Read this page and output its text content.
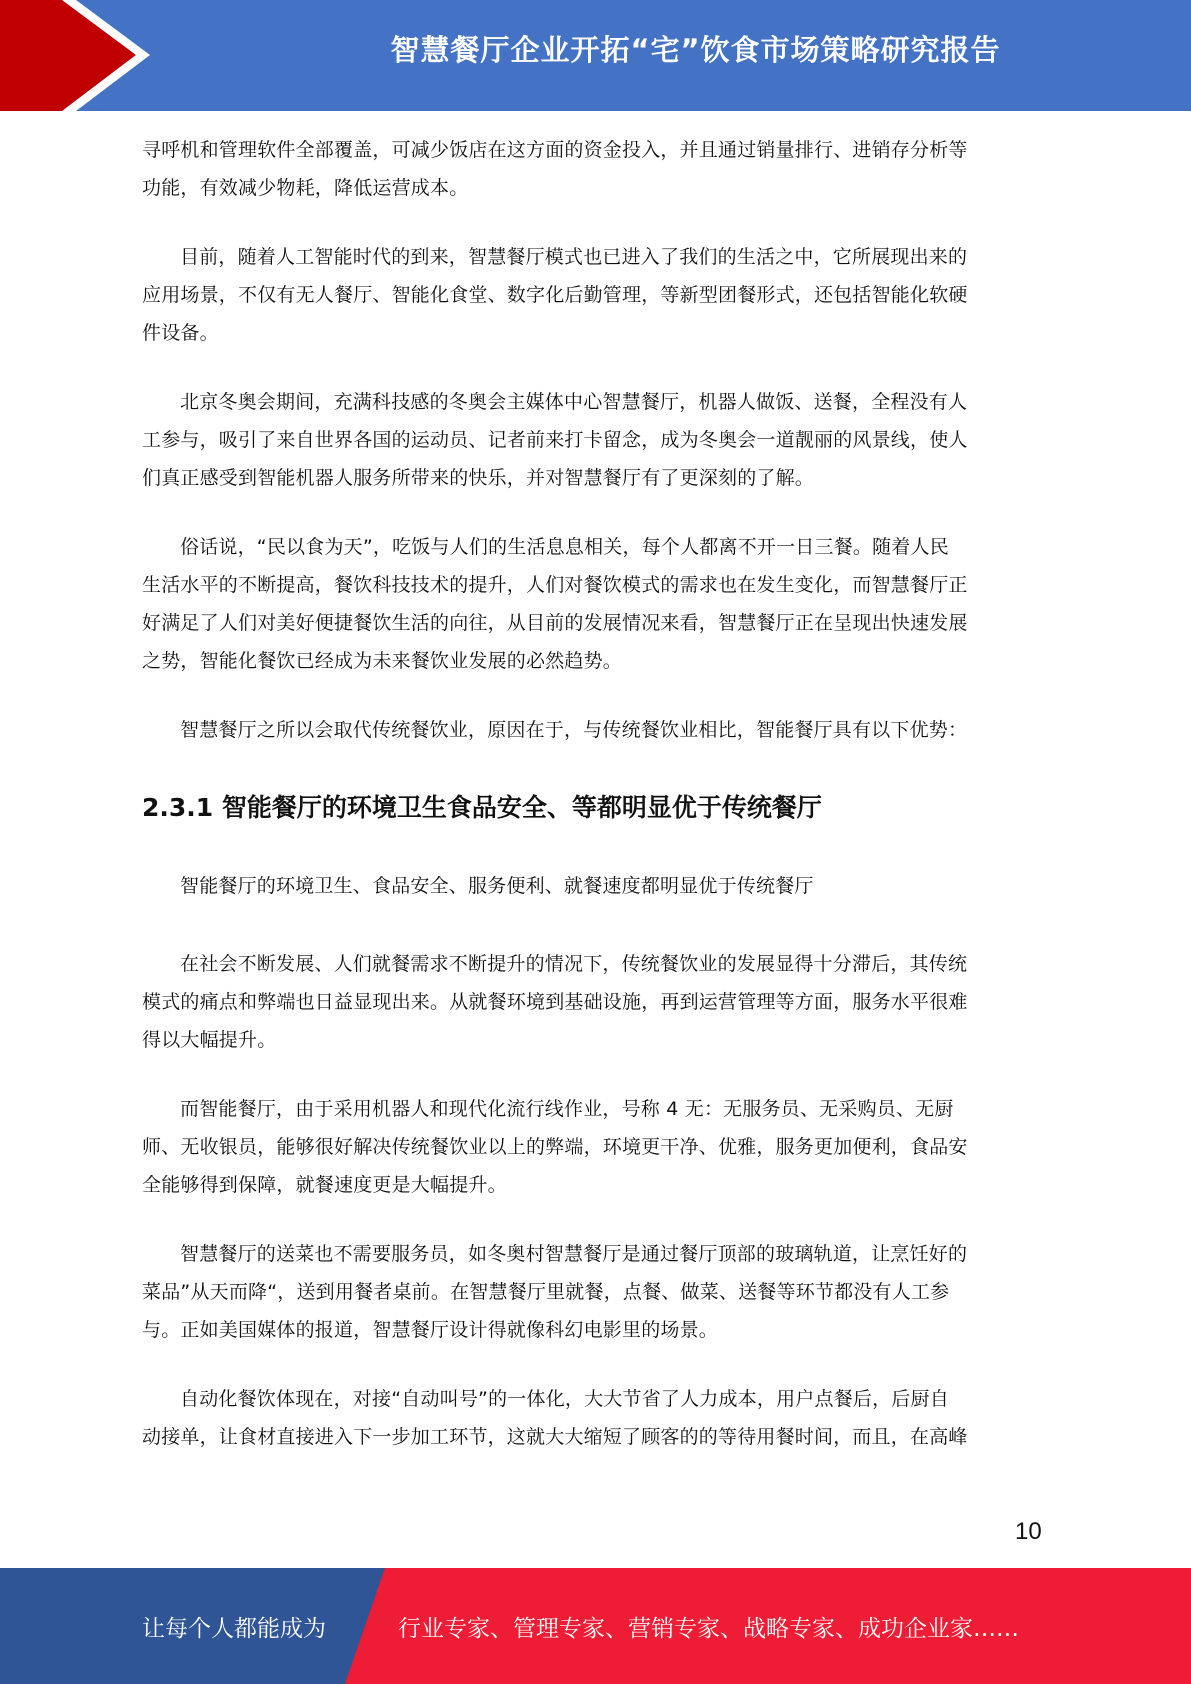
智慧餐厅企业开拓“宅”饮食市场策略研究报告
寻呼机和管理软件全部覆盖，可减少饭店在这方面的资金投入，并且通过销量排行、进销存分析等
功能，有效减少物耗，降低运营成本。
目前，随着人工智能时代的到来，智慧餐厅模式也已进入了我们的生活之中，它所展现出来的
应用场景，不仅有无人餐厅、智能化食堂、数字化后勤管理，等新型团餐形式，还包括智能化软硬
件设备。
北京冬奥会期间，充满科技感的冬奥会主媒体中心智慧餐厅，机器人做饭、送餐，全程没有人
工参与，吸引了来自世界各国的运动员、记者前来打卡留念，成为冬奥会一道靓丽的风景线，使人
们真正感受到智能机器人服务所带来的快乐，并对智慧餐厅有了更深刻的了解。
俗话说，“民以食为天”，吃饭与人们的生活息息相关，每个人都离不开一日三餐。随着人民
生活水平的不断提高，餐饮科技技术的提升，人们对餐饮模式的需求也在发生变化，而智慧餐厅正
好满足了人们对美好便捷餐饮生活的向往，从目前的发展情况来看，智慧餐厅正在呈现出快速发展
之势，智能化餐饮已经成为未来餐饮业发展的必然趋势。
智慧餐厅之所以会取代传统餐饮业，原因在于，与传统餐饮业相比，智能餐厅具有以下优势：
2.3.1 智能餐厅的环境卫生食品安全、等都明显优于传统餐厅
智能餐厅的环境卫生、食品安全、服务便利、就餐速度都明显优于传统餐厅
在社会不断发展、人们就餐需求不断提升的情况下，传统餐饮业的发展显得十分滞后，其传统
模式的痛点和弊端也日益显现出来。从就餐环境到基础设施，再到运营管理等方面，服务水平很难
得以大幅提升。
而智能餐厅，由于采用机器人和现代化流行线作业，号称 4 无：无服务员、无采购员、无厨
师、无收银员，能够很好解决传统餐饮业以上的弊端，环境更干净、优雅，服务更加便利，食品安
全能够得到保障，就餐速度更是大幅提升。
智慧餐厅的送菜也不需要服务员，如冬奥村智慧餐厅是通过餐厅顶部的玻璃轨道，让烹饪好的
菜品”从天而降“，送到用餐者桌前。在智慧餐厅里就餐，点餐、做菜、送餐等环节都没有人工参
与。正如美国媒体的报道，智慧餐厅设计得就像科幻电影里的场景。
自动化餐饮体现在，对接“自动叫号”的一体化，大大节省了人力成本，用户点餐后，后厨自
动接单，让食材直接进入下一步加工环节，这就大大缩短了顾客的的等待用餐时间，而且，在高峰
10
让每个人都能成为	行业专家、管理专家、营销专家、战略专家、成功企业家……
